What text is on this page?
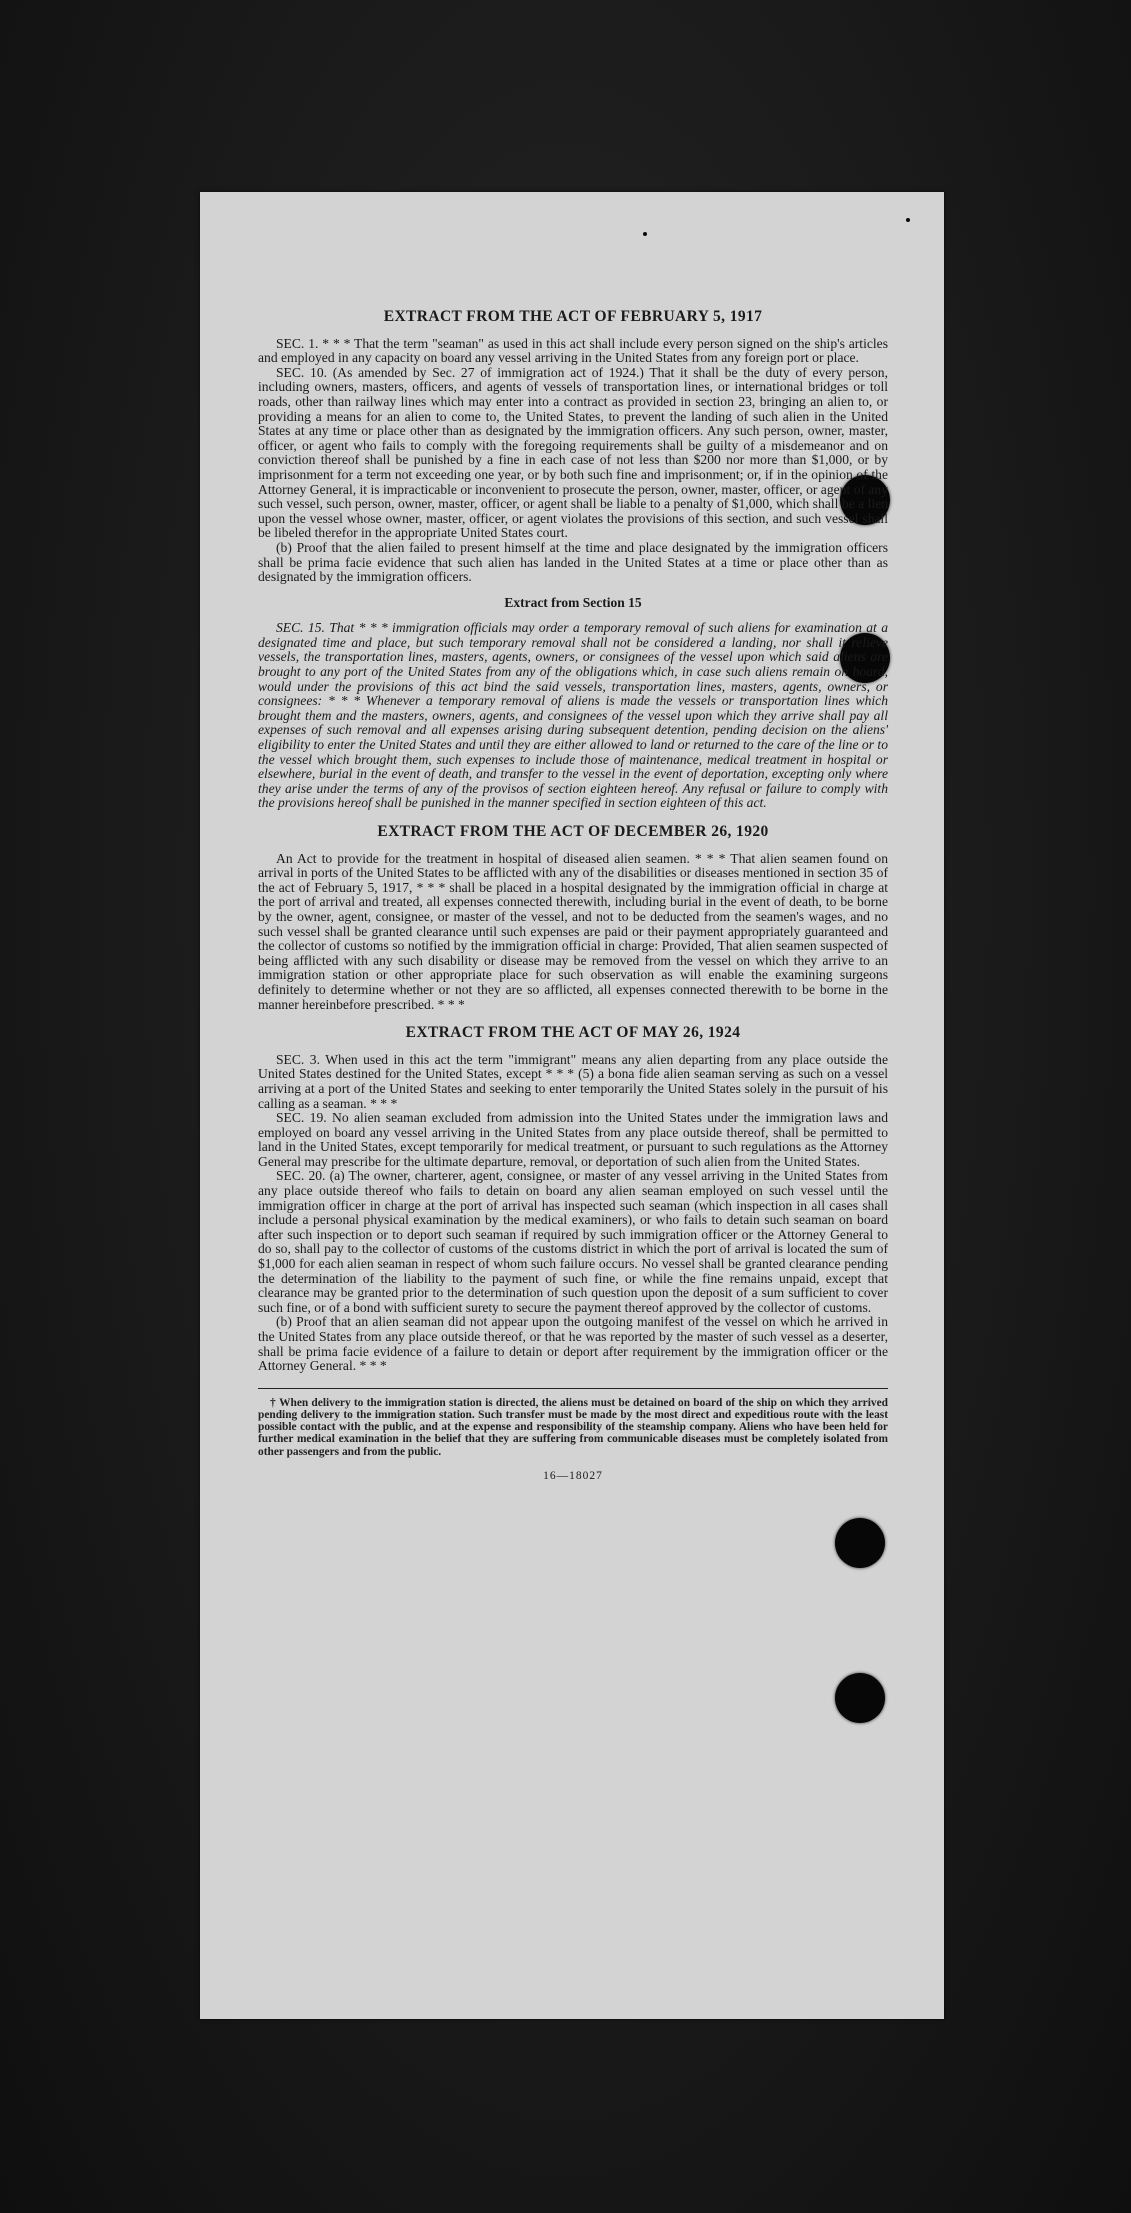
EXTRACT FROM THE ACT OF FEBRUARY 5, 1917

SEC. 1. * * * That the term "seaman" as used in this act shall include every person signed on the ship's articles and employed in any capacity on board any vessel arriving in the United States from any foreign port or place.

SEC. 10. (As amended by Sec. 27 of immigration act of 1924.) That it shall be the duty of every person, including owners, masters, officers, and agents of vessels of transportation lines, or international bridges or toll roads, other than railway lines which may enter into a contract as provided in section 23, bringing an alien to, or providing a means for an alien to come to, the United States, to prevent the landing of such alien in the United States at any time or place other than as designated by the immigration officers. Any such person, owner, master, officer, or agent who fails to comply with the foregoing requirements shall be guilty of a misdemeanor and on conviction thereof shall be punished by a fine in each case of not less than $200 nor more than $1,000, or by imprisonment for a term not exceeding one year, or by both such fine and imprisonment; or, if in the opinion of the Attorney General, it is impracticable or inconvenient to prosecute the person, owner, master, officer, or agent of any such vessel, such person, owner, master, officer, or agent shall be liable to a penalty of $1,000, which shall be a lien upon the vessel whose owner, master, officer, or agent violates the provisions of this section, and such vessel shall be libeled therefor in the appropriate United States court.

(b) Proof that the alien failed to present himself at the time and place designated by the immigration officers shall be prima facie evidence that such alien has landed in the United States at a time or place other than as designated by the immigration officers.

Extract from Section 15

SEC. 15. That * * * immigration officials may order a temporary removal of such aliens for examination at a designated time and place, but such temporary removal shall not be considered a landing, nor shall it relieve vessels, the transportation lines, masters, agents, owners, or consignees of the vessel upon which said aliens are brought to any port of the United States from any of the obligations which, in case such aliens remain on board, would under the provisions of this act bind the said vessels, transportation lines, masters, agents, owners, or consignees: * * * Whenever a temporary removal of aliens is made the vessels or transportation lines which brought them and the masters, owners, agents, and consignees of the vessel upon which they arrive shall pay all expenses of such removal and all expenses arising during subsequent detention, pending decision on the aliens' eligibility to enter the United States and until they are either allowed to land or returned to the care of the line or to the vessel which brought them, such expenses to include those of maintenance, medical treatment in hospital or elsewhere, burial in the event of death, and transfer to the vessel in the event of deportation, excepting only where they arise under the terms of any of the provisos of section eighteen hereof. Any refusal or failure to comply with the provisions hereof shall be punished in the manner specified in section eighteen of this act.

EXTRACT FROM THE ACT OF DECEMBER 26, 1920

An Act to provide for the treatment in hospital of diseased alien seamen. * * * That alien seamen found on arrival in ports of the United States to be afflicted with any of the disabilities or diseases mentioned in section 35 of the act of February 5, 1917, * * * shall be placed in a hospital designated by the immigration official in charge at the port of arrival and treated, all expenses connected therewith, including burial in the event of death, to be borne by the owner, agent, consignee, or master of the vessel, and not to be deducted from the seamen's wages, and no such vessel shall be granted clearance until such expenses are paid or their payment appropriately guaranteed and the collector of customs so notified by the immigration official in charge: Provided, That alien seamen suspected of being afflicted with any such disability or disease may be removed from the vessel on which they arrive to an immigration station or other appropriate place for such observation as will enable the examining surgeons definitely to determine whether or not they are so afflicted, all expenses connected therewith to be borne in the manner hereinbefore prescribed. * * *

EXTRACT FROM THE ACT OF MAY 26, 1924

SEC. 3. When used in this act the term "immigrant" means any alien departing from any place outside the United States destined for the United States, except * * * (5) a bona fide alien seaman serving as such on a vessel arriving at a port of the United States and seeking to enter temporarily the United States solely in the pursuit of his calling as a seaman. * * *

SEC. 19. No alien seaman excluded from admission into the United States under the immigration laws and employed on board any vessel arriving in the United States from any place outside thereof, shall be permitted to land in the United States, except temporarily for medical treatment, or pursuant to such regulations as the Attorney General may prescribe for the ultimate departure, removal, or deportation of such alien from the United States.

SEC. 20. (a) The owner, charterer, agent, consignee, or master of any vessel arriving in the United States from any place outside thereof who fails to detain on board any alien seaman employed on such vessel until the immigration officer in charge at the port of arrival has inspected such seaman (which inspection in all cases shall include a personal physical examination by the medical examiners), or who fails to detain such seaman on board after such inspection or to deport such seaman if required by such immigration officer or the Attorney General to do so, shall pay to the collector of customs of the customs district in which the port of arrival is located the sum of $1,000 for each alien seaman in respect of whom such failure occurs. No vessel shall be granted clearance pending the determination of the liability to the payment of such fine, or while the fine remains unpaid, except that clearance may be granted prior to the determination of such question upon the deposit of a sum sufficient to cover such fine, or of a bond with sufficient surety to secure the payment thereof approved by the collector of customs.

(b) Proof that an alien seaman did not appear upon the outgoing manifest of the vessel on which he arrived in the United States from any place outside thereof, or that he was reported by the master of such vessel as a deserter, shall be prima facie evidence of a failure to detain or deport after requirement by the immigration officer or the Attorney General. * * *

† When delivery to the immigration station is directed, the aliens must be detained on board of the ship on which they arrived pending delivery to the immigration station. Such transfer must be made by the most direct and expeditious route with the least possible contact with the public, and at the expense and responsibility of the steamship company. Aliens who have been held for further medical examination in the belief that they are suffering from communicable diseases must be completely isolated from other passengers and from the public.

16—18027
